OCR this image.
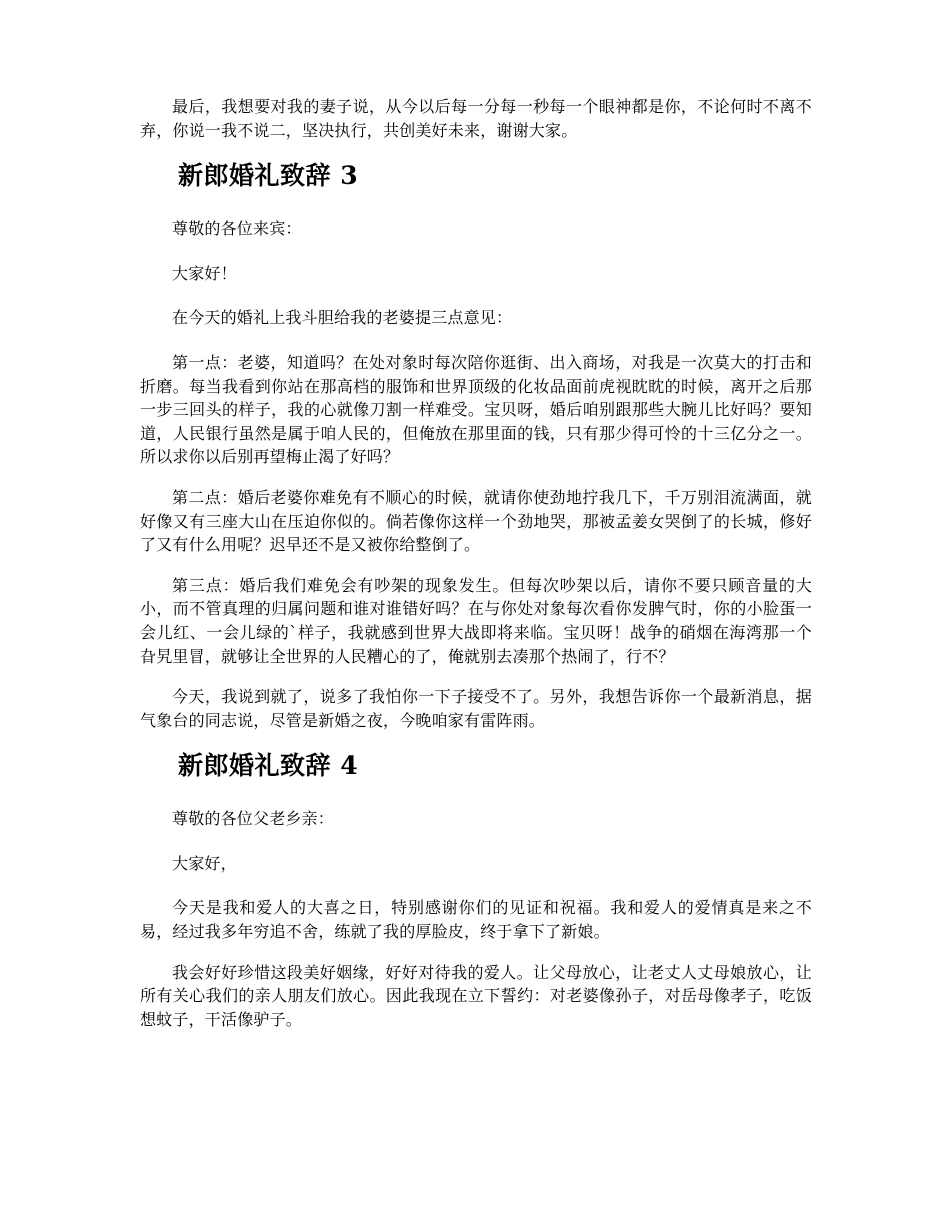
最后，我想要对我的妻子说，从今以后每一分每一秒每一个眼神都是你，不论何时不离不弃，你说一我不说二，坚决执行，共创美好未来，谢谢大家。

新郎婚礼致辞 3

尊敬的各位来宾：

大家好！

在今天的婚礼上我斗胆给我的老婆提三点意见：

第一点：老婆，知道吗？在处对象时每次陪你逛街、出入商场，对我是一次莫大的打击和折磨。每当我看到你站在那高档的服饰和世界顶级的化妆品面前虎视眈眈的时候，离开之后那一步三回头的样子，我的心就像刀割一样难受。宝贝呀，婚后咱别跟那些大腕儿比好吗？要知道，人民银行虽然是属于咱人民的，但俺放在那里面的钱，只有那少得可怜的十三亿分之一。所以求你以后别再望梅止渴了好吗？

第二点：婚后老婆你难免有不顺心的时候，就请你使劲地拧我几下，千万别泪流满面，就好像又有三座大山在压迫你似的。倘若像你这样一个劲地哭，那被孟姜女哭倒了的长城，修好了又有什么用呢？迟早还不是又被你给整倒了。

第三点：婚后我们难免会有吵架的现象发生。但每次吵架以后，请你不要只顾音量的大小，而不管真理的归属问题和谁对谁错好吗？在与你处对象每次看你发脾气时，你的小脸蛋一会儿红、一会儿绿的`样子，我就感到世界大战即将来临。宝贝呀！战争的硝烟在海湾那一个旮旯里冒，就够让全世界的人民糟心的了，俺就别去凑那个热闹了，行不？

今天，我说到就了，说多了我怕你一下子接受不了。另外，我想告诉你一个最新消息，据气象台的同志说，尽管是新婚之夜，今晚咱家有雷阵雨。

新郎婚礼致辞 4

尊敬的各位父老乡亲：

大家好，

今天是我和爱人的大喜之日，特别感谢你们的见证和祝福。我和爱人的爱情真是来之不易，经过我多年穷追不舍，练就了我的厚脸皮，终于拿下了新娘。

我会好好珍惜这段美好姻缘，好好对待我的爱人。让父母放心，让老丈人丈母娘放心，让所有关心我们的亲人朋友们放心。因此我现在立下誓约：对老婆像孙子，对岳母像孝子，吃饭想蚊子，干活像驴子。
